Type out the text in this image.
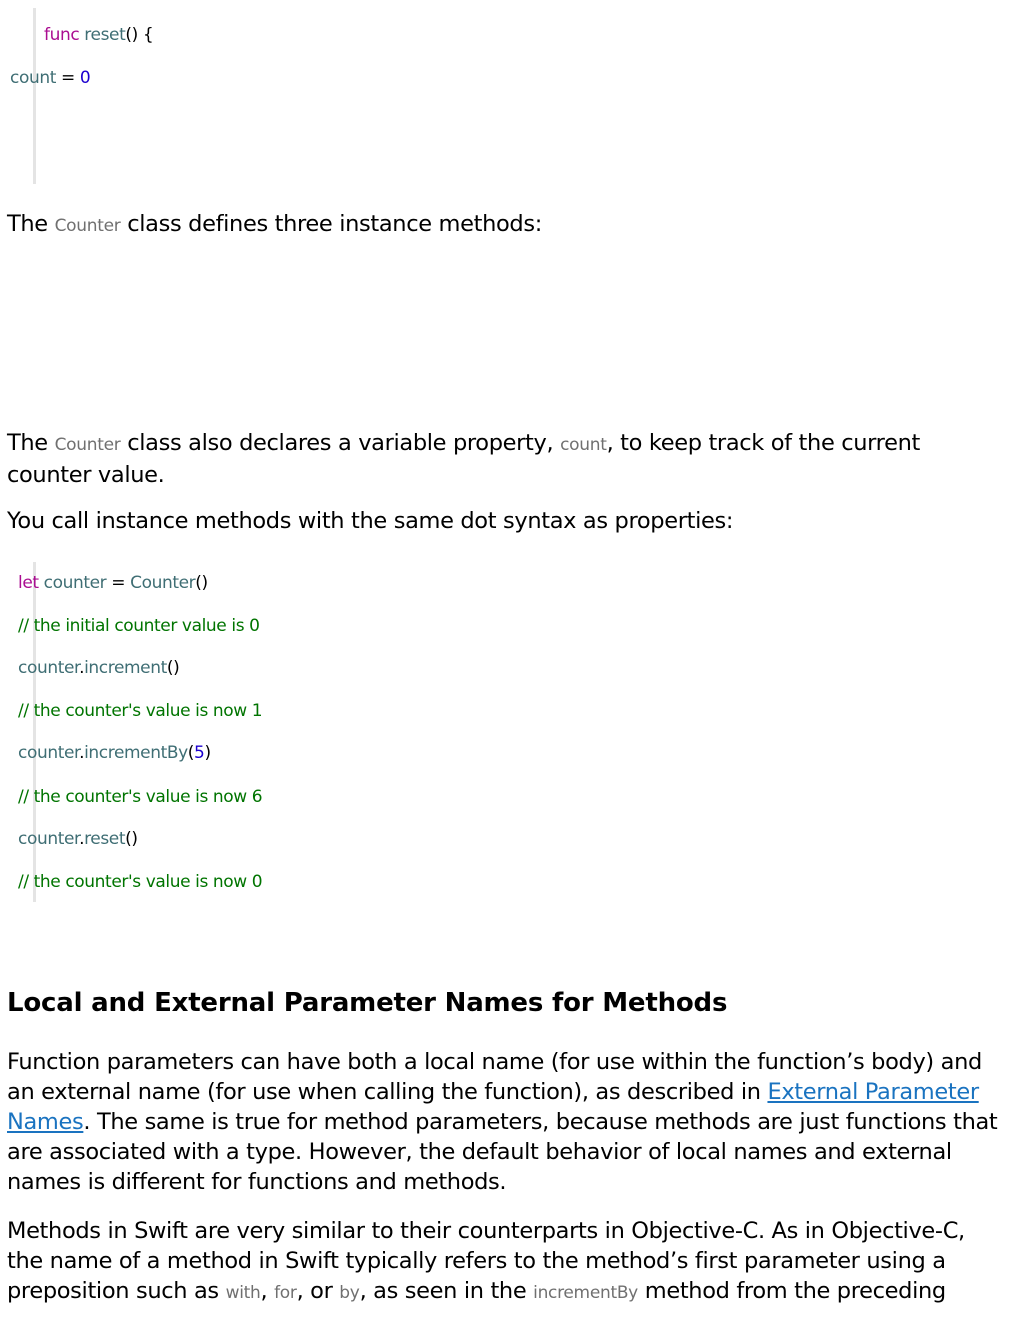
func reset() {
count = 0

The Counter class defines three instance methods:

The Counter class also declares a variable property, count, to keep track of the current counter value.

You call instance methods with the same dot syntax as properties:

let counter = Counter()
// the initial counter value is 0
counter.increment()
// the counter's value is now 1
counter.incrementBy(5)
// the counter's value is now 6
counter.reset()
// the counter's value is now 0
Local and External Parameter Names for Methods

Function parameters can have both a local name (for use within the function’s body) and an external name (for use when calling the function), as described in External Parameter Names. The same is true for method parameters, because methods are just functions that are associated with a type. However, the default behavior of local names and external names is different for functions and methods.

Methods in Swift are very similar to their counterparts in Objective-C. As in Objective-C, the name of a method in Swift typically refers to the method’s first parameter using a preposition such as with, for, or by, as seen in the incrementBy method from the preceding
